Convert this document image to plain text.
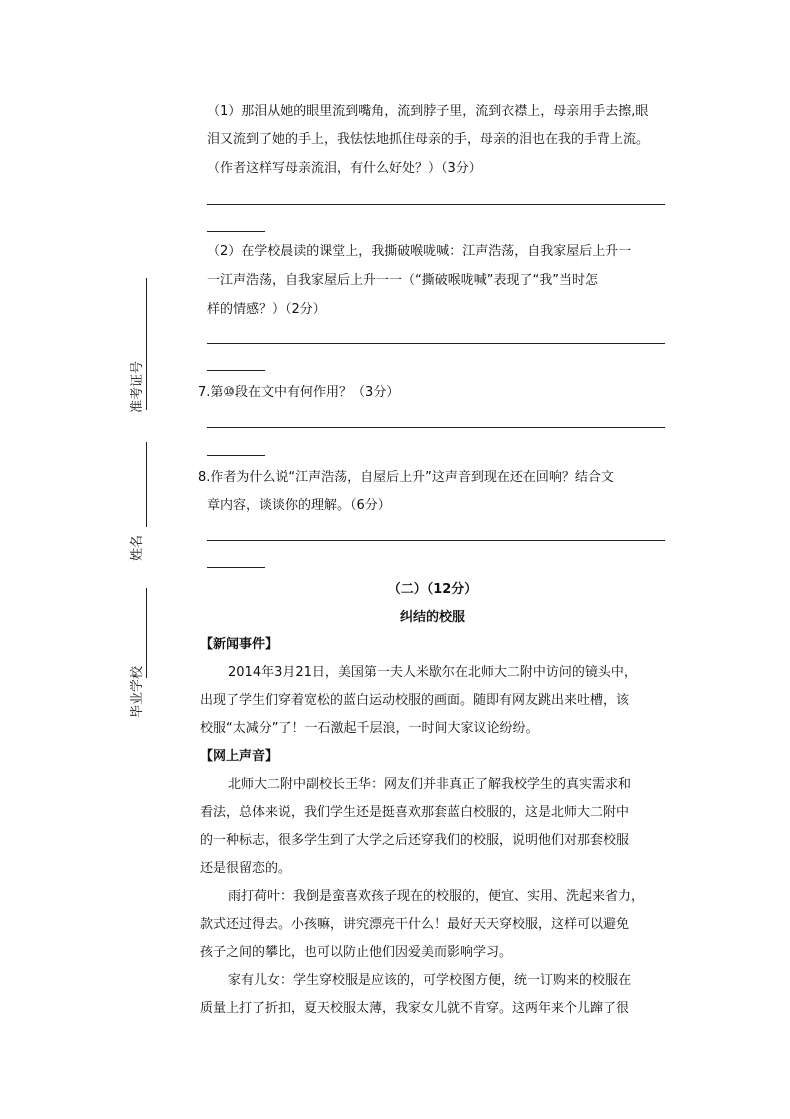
准考证号
姓名
毕业学校
（1）那泪从她的眼里流到嘴角，流到脖子里，流到衣襟上，母亲用手去擦,眼
泪又流到了她的手上，我怯怯地抓住母亲的手，母亲的泪也在我的手背上流。
（作者这样写母亲流泪，有什么好处？）（3分）
（2）在学校晨读的课堂上，我撕破喉咙喊：江声浩荡，自我家屋后上升一
一江声浩荡，自我家屋后上升一一（“撕破喉咙喊”表现了“我”当时怎
样的情感？）（2分）
7.第⑩段在文中有何作用？（3分）
8.作者为什么说“江声浩荡，自屋后上升”这声音到现在还在回响？结合文
章内容，谈谈你的理解。（6分）
（二）（12分）
纠结的校服
【新闻事件】
2014年3月21日，美国第一夫人米歇尔在北师大二附中访问的镜头中，
出现了学生们穿着宽松的蓝白运动校服的画面。随即有网友跳出来吐槽，该
校服“太减分”了！一石激起千层浪，一时间大家议论纷纷。
【网上声音】
北师大二附中副校长王华：网友们并非真正了解我校学生的真实需求和
看法，总体来说，我们学生还是挺喜欢那套蓝白校服的，这是北师大二附中
的一种标志，很多学生到了大学之后还穿我们的校服，说明他们对那套校服
还是很留恋的。
雨打荷叶：我倒是蛮喜欢孩子现在的校服的，便宜、实用、洗起来省力，
款式还过得去。小孩嘛，讲究漂亮干什么！最好天天穿校服，这样可以避免
孩子之间的攀比，也可以防止他们因爱美而影响学习。
家有儿女：学生穿校服是应该的，可学校图方便，统一订购来的校服在
质量上打了折扣，夏天校服太薄，我家女儿就不肯穿。这两年来个儿蹿了很
